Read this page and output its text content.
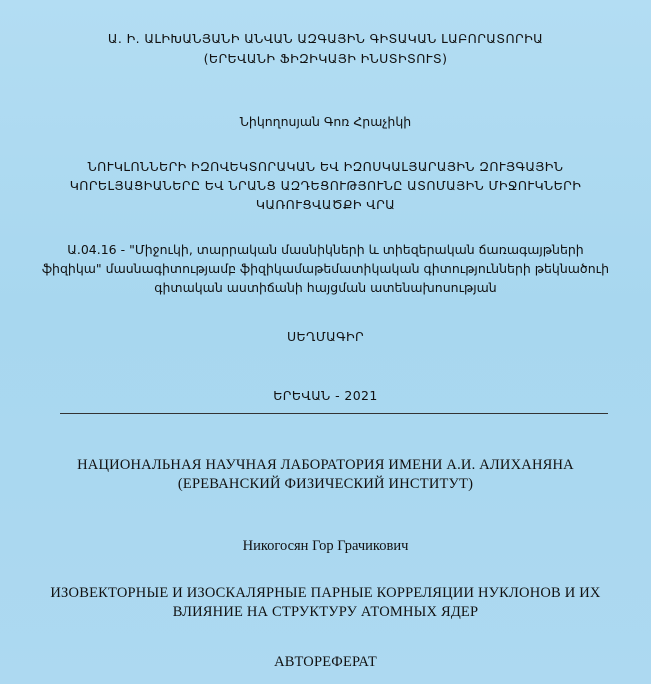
Ա. Ի. ԱԼԻԽԱՆՅԱՆԻ ԱՆՎԱՆ ԱԶԳԱՅԻՆ ԳԻՏԱԿԱՆ ԼԱԲՈՐԱՏՈՐԻԱ
(ԵՐԵՎԱՆԻ ՖԻԶԻԿԱՅԻ ԻՆՍՏԻՏՈՒՏ)
Նիկողոսյան Գոռ Հրաչիկի
ՆՈՒԿԼՈՆՆԵՐԻ ԻԶՈՎԵԿՏՈՐԱԿԱՆ ԵՎ ԻԶՈՍԿԱԼՅԱՐԱՅԻՆ ԶՈՒՅԳԱՅԻՆ
ԿՈՐԵԼՅԱՑԻԱՆԵՐԸ ԵՎ ՆՐԱՆՑ ԱԶԴԵՑՈՒԹՅՈՒՆԸ ԱՏՈՄԱՅԻՆ ՄԻՋՈՒԿՆԵՐԻ
ԿԱՌՈՒՑՎԱԾՔԻ ՎՐԱ
Ա.04.16 - "Միջուկի, տարրական մասնիկների և տիեզերական ճառագայթների
ֆիզիկա" մասնագիտությամբ ֆիզիկամաթեմատիկական գիտությունների թեկնածուի
գիտական աստիճանի հայցման ատենախոսության
ՍԵՂՄԱԳԻՐ
ԵՐԵՎԱՆ - 2021
НАЦИОНАЛЬНАЯ НАУЧНАЯ ЛАБОРАТОРИЯ ИМЕНИ А.И. АЛИХАНЯНА
(ЕРЕВАНСКИЙ ФИЗИЧЕСКИЙ ИНСТИТУТ)
Никогосян Гор Грачикович
ИЗОВЕКТОРНЫЕ И ИЗОСКАЛЯРНЫЕ ПАРНЫЕ КОРРЕЛЯЦИИ НУКЛОНОВ И ИХ
ВЛИЯНИЕ НА СТРУКТУРУ АТОМНЫХ ЯДЕР
АВТОРЕФЕРАТ
